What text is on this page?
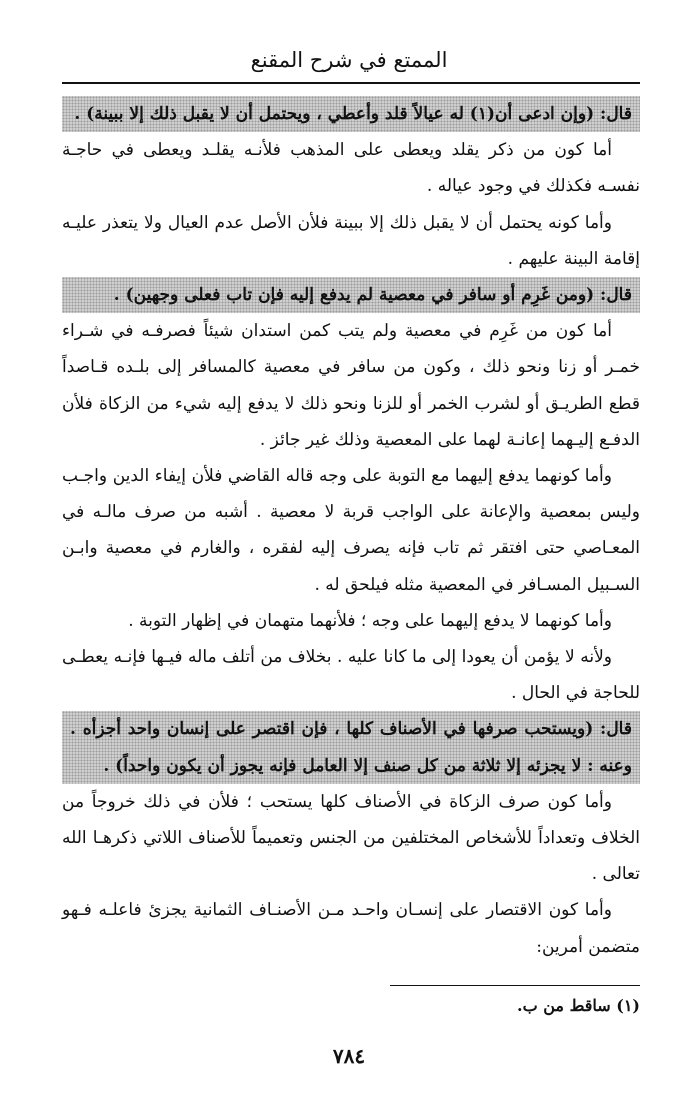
الممتع في شرح المقنع
قال: (وإن ادعى أن(١) له عيالاً قلد وأعطي ، ويحتمل أن لا يقبل ذلك إلا ببينة) .

أما كون من ذكر يقلد ويعطى على المذهب فلأنـه يقلـد ويعطى في حاجـة نفسـه فكذلك في وجود عياله .

وأما كونه يحتمل أن لا يقبل ذلك إلا ببينة فلأن الأصل عدم العيال ولا يتعذر عليـه إقامة البينة عليهم .

قال: (ومن غَرِم أو سافر في معصية لم يدفع إليه فإن تاب فعلى وجهين) .

أما كون من غَرِم في معصية ولم يتب كمن استدان شيئاً فصرفـه في شـراء خمـر أو زنا ونحو ذلك ، وكون من سافر في معصية كالمسافر إلى بلـده قـاصداً قطع الطريـق أو لشرب الخمر أو للزنا ونحو ذلك لا يدفع إليه شيء من الزكاة فلأن الدفـع إليـهما إعانـة لهما على المعصية وذلك غير جائز .

وأما كونهما يدفع إليهما مع التوبة على وجه قاله القاضي فلأن إيفاء الدين واجـب وليس بمعصية والإعانة على الواجب قربة لا معصية . أشبه من صرف مالـه في المعـاصي حتى افتقر ثم تاب فإنه يصرف إليه لفقره ، والغارم في معصية وابـن السـبيل المسـافر في المعصية مثله فيلحق له .

وأما كونهما لا يدفع إليهما على وجه ؛ فلأنهما متهمان في إظهار التوبة .

ولأنه لا يؤمن أن يعودا إلى ما كانا عليه . بخلاف من أتلف ماله فيـها فإنـه يعطـى للحاجة في الحال .

قال: (ويستحب صرفها في الأصناف كلها ، فإن اقتصر على إنسان واحد أجزأه . وعنه : لا يجزئه إلا ثلاثة من كل صنف إلا العامل فإنه يجوز أن يكون واحداً) .

وأما كون صرف الزكاة في الأصناف كلها يستحب ؛ فلأن في ذلك خروجاً من الخلاف وتعداداً للأشخاص المختلفين من الجنس وتعميماً للأصناف اللاتي ذكرهـا الله تعالى .

وأما كون الاقتصار على إنسـان واحـد مـن الأصنـاف الثمانية يجزئ فاعلـه فـهو متضمن أمرين:

(١) ساقط من ب.
٧٨٤
